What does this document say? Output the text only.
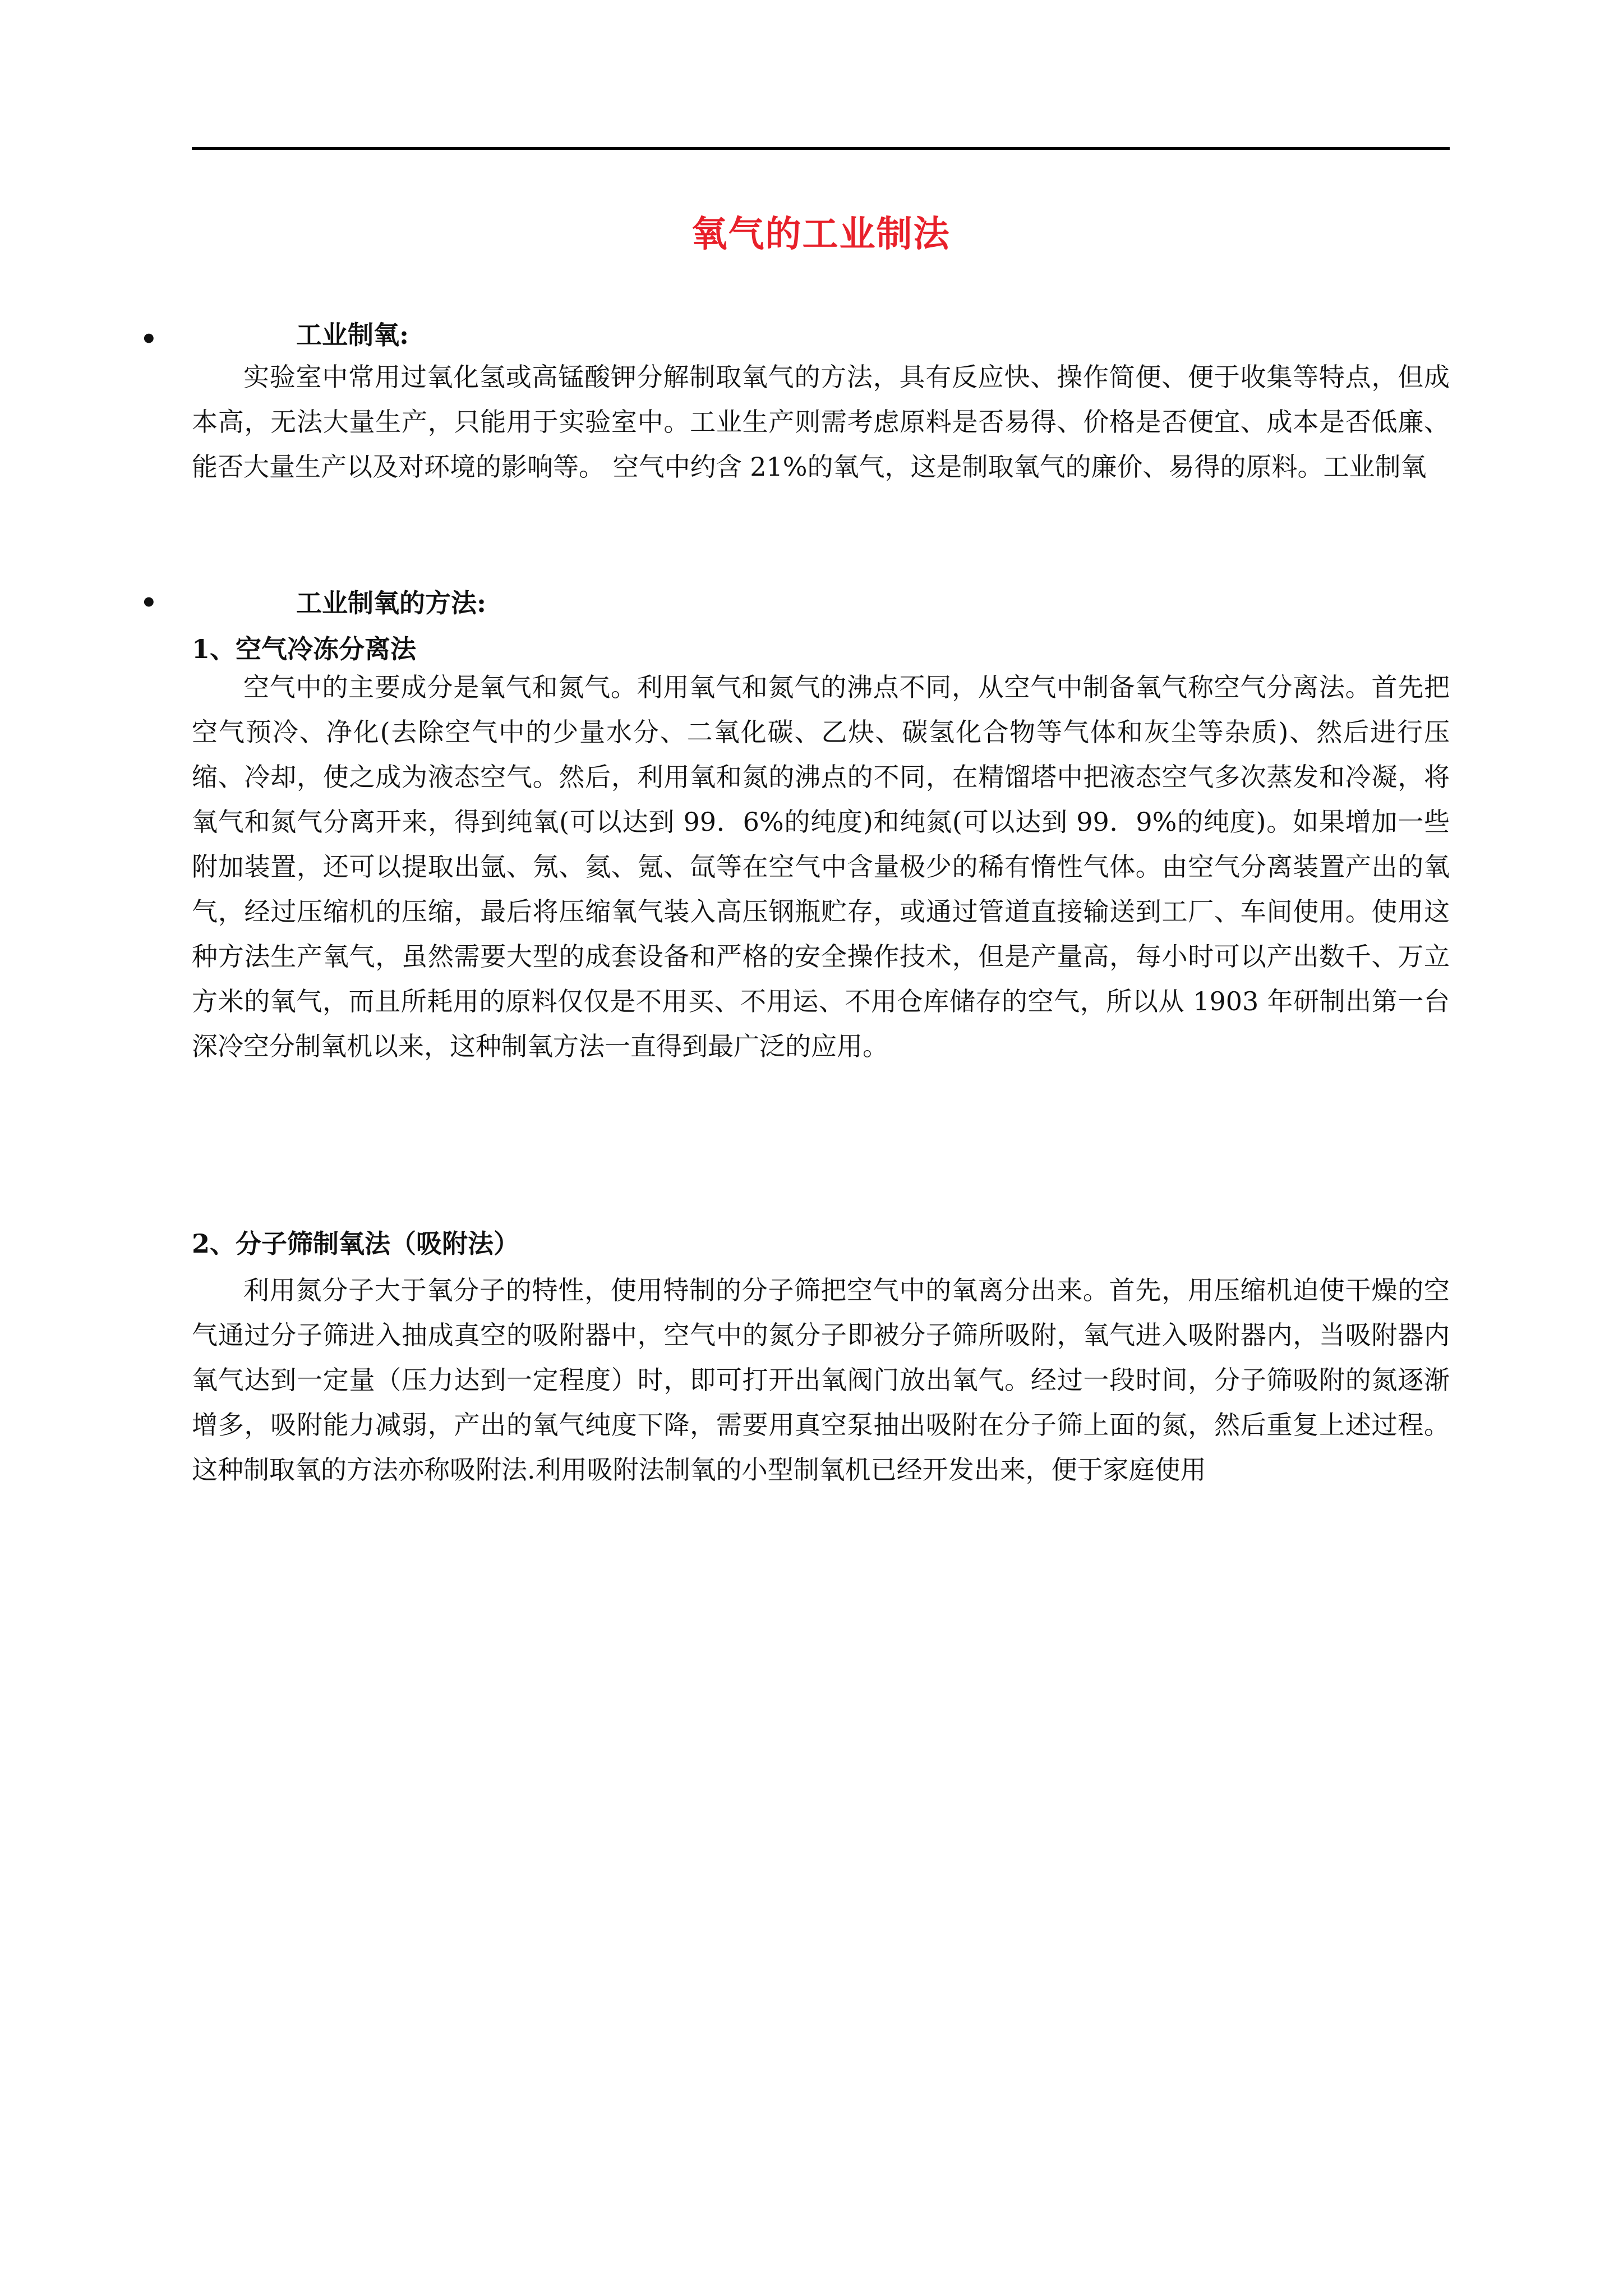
氧气的工业制法
•	工业制氧:

实验室中常用过氧化氢或高锰酸钾分解制取氧气的方法，具有反应快、操作简便、便于收集等特点，但成本高，无法大量生产，只能用于实验室中。工业生产则需考虑原料是否易得、价格是否便宜、成本是否低廉、能否大量生产以及对环境的影响等。 空气中约含 21%的氧气，这是制取氧气的廉价、易得的原料。工业制氧

•	工业制氧的方法:
1、空气冷冻分离法

空气中的主要成分是氧气和氮气。利用氧气和氮气的沸点不同，从空气中制备氧气称空气分离法。首先把空气预冷、净化(去除空气中的少量水分、二氧化碳、乙炔、碳氢化合物等气体和灰尘等杂质)、然后进行压缩、冷却，使之成为液态空气。然后，利用氧和氮的沸点的不同，在精馏塔中把液态空气多次蒸发和冷凝，将氧气和氮气分离开来，得到纯氧(可以达到 99．6%的纯度)和纯氮(可以达到 99．9%的纯度)。如果增加一些附加装置，还可以提取出氩、氖、氦、氪、氙等在空气中含量极少的稀有惰性气体。由空气分离装置产出的氧气，经过压缩机的压缩，最后将压缩氧气装入高压钢瓶贮存，或通过管道直接输送到工厂、车间使用。使用这种方法生产氧气，虽然需要大型的成套设备和严格的安全操作技术，但是产量高，每小时可以产出数千、万立方米的氧气，而且所耗用的原料仅仅是不用买、不用运、不用仓库储存的空气，所以从 1903 年研制出第一台深冷空分制氧机以来，这种制氧方法一直得到最广泛的应用。

2、分子筛制氧法（吸附法）

利用氮分子大于氧分子的特性，使用特制的分子筛把空气中的氧离分出来。首先，用压缩机迫使干燥的空气通过分子筛进入抽成真空的吸附器中，空气中的氮分子即被分子筛所吸附，氧气进入吸附器内，当吸附器内氧气达到一定量（压力达到一定程度）时，即可打开出氧阀门放出氧气。经过一段时间，分子筛吸附的氮逐渐增多，吸附能力减弱，产出的氧气纯度下降，需要用真空泵抽出吸附在分子筛上面的氮，然后重复上述过程。这种制取氧的方法亦称吸附法.利用吸附法制氧的小型制氧机已经开发出来，便于家庭使用
